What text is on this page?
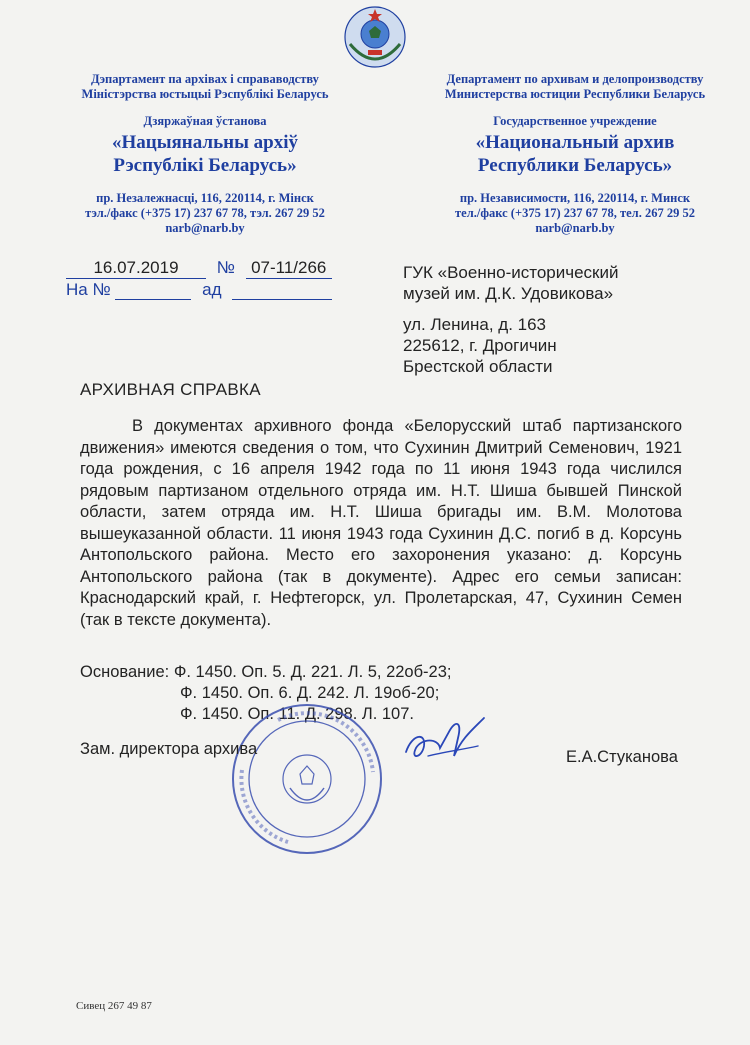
Дэпартамент па архівах і справаводству
Міністэрства юстыцыі Рэспублікі Беларусь
Дзяржаўная ўстанова
«Нацыянальны архіў
Рэспублікі Беларусь»
пр. Незалежнасці, 116, 220114, г. Мінск
тэл./факс (+375 17) 237 67 78, тэл. 267 29 52
narb@narb.by
Департамент по архивам и делопроизводству
Министерства юстиции Республики Беларусь
Государственное учреждение
«Национальный архив
Республики Беларусь»
пр. Независимости, 116, 220114, г. Минск
тел./факс (+375 17) 237 67 78, тел. 267 29 52
narb@narb.by
16.07.2019 № 07-11/266
На №	ад
ГУК «Военно-исторический
музей им. Д.К. Удовикова»
ул. Ленина, д. 163
225612, г. Дрогичин
Брестской области
АРХИВНАЯ СПРАВКА
В документах архивного фонда «Белорусский штаб партизанского движения» имеются сведения о том, что Сухинин Дмитрий Семенович, 1921 года рождения, с 16 апреля 1942 года по 11 июня 1943 года числился рядовым партизаном отдельного отряда им. Н.Т. Шиша бывшей Пинской области, затем отряда им. Н.Т. Шиша бригады им. В.М. Молотова вышеуказанной области. 11 июня 1943 года Сухинин Д.С. погиб в д. Корсунь Антопольского района. Место его захоронения указано: д. Корсунь Антопольского района (так в документе). Адрес его семьи записан: Краснодарский край, г. Нефтегорск, ул. Пролетарская, 47, Сухинин Семен (так в тексте документа).
Основание: Ф. 1450. Оп. 5. Д. 221. Л. 5, 22об-23;
Ф. 1450. Оп. 6. Д. 242. Л. 19об-20;
Ф. 1450. Оп. 11. Д. 298. Л. 107.
Зам. директора архива	Е.А.Стуканова
Сивец 267 49 87
